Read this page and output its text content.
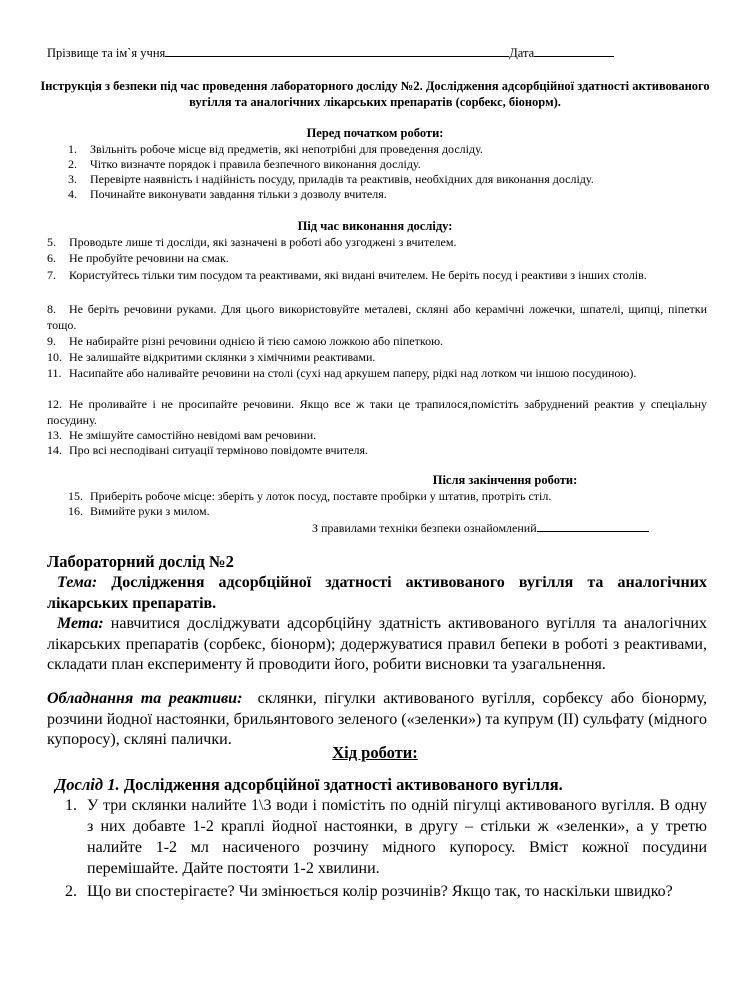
Прізвище та ім`я учня	Дата
Інструкція з безпеки під час проведення лабораторного досліду №2. Дослідження адсорбційної здатності активованого вугілля та аналогічних лікарських препаратів (сорбекс, біонорм).
Перед початком роботи:
1. Звільніть робоче місце від предметів, які непотрібні для проведення досліду.
2. Чітко визначте порядок і правила безпечного виконання досліду.
3. Перевірте наявність і надійність посуду, приладів та реактивів, необхідних для виконання досліду.
4. Починайте виконувати завдання тільки з дозволу вчителя.
Під час виконання досліду:
5. Проводьте лише ті досліди, які зазначені в роботі або узгоджені з вчителем.
6. Не пробуйте речовини на смак.
7. Користуйтесь тільки тим посудом та реактивами, які видані вчителем. Не беріть посуд і реактиви з інших столів.
8. Не беріть речовини руками. Для цього використовуйте металеві, скляні або керамічні ложечки, шпателі, щипці, піпетки тощо.
9. Не набирайте різні речовини однією й тією самою ложкою або піпеткою.
10. Не залишайте відкритими склянки з хімічними реактивами.
11. Насипайте або наливайте речовини на столі (сухі над аркушем паперу, рідкі над лотком чи іншою посудиною).
12. Не проливайте і не просипайте речовини. Якщо все ж таки це трапилося,помістіть забруднений реактив у спеціальну посудину.
13. Не змішуйте самостійно невідомі вам речовини.
14. Про всі несподівані ситуації терміново повідомте вчителя.
Після закінчення роботи:
15. Приберіть робоче місце: зберіть у лоток посуд, поставте пробірки у штатив, протріть стіл.
16. Вимийте руки з милом.
З правилами техніки безпеки ознайомлений
Лабораторний дослід №2
Тема: Дослідження адсорбційної здатності активованого вугілля та аналогічних лікарських препаратів.
Мета: навчитися досліджувати адсорбційну здатність активованого вугілля та аналогічних лікарських препаратів (сорбекс, біонорм); додержуватися правил бепеки в роботі з реактивами, складати план експерименту й проводити його, робити висновки та узагальнення.
Обладнання та реактиви: склянки, пігулки активованого вугілля, сорбексу або біонорму, розчини йодної настоянки, брильянтового зеленого («зеленки») та купрум (ІІ) сульфату (мідного купоросу), скляні палички.
Хід роботи:
Дослід 1. Дослідження адсорбційної здатності активованого вугілля.
1. У три склянки налийте 1\3 води і помістіть по одній пігулці активованого вугілля. В одну з них добавте 1-2 краплі йодної настоянки, в другу – стільки ж «зеленки», а у третю налийте 1-2 мл насиченого розчину мідного купоросу. Вміст кожної посудини перемішайте. Дайте постояти 1-2 хвилини.
2. Що ви спостерігаєте? Чи змінюється колір розчинів? Якщо так, то наскільки швидко?
